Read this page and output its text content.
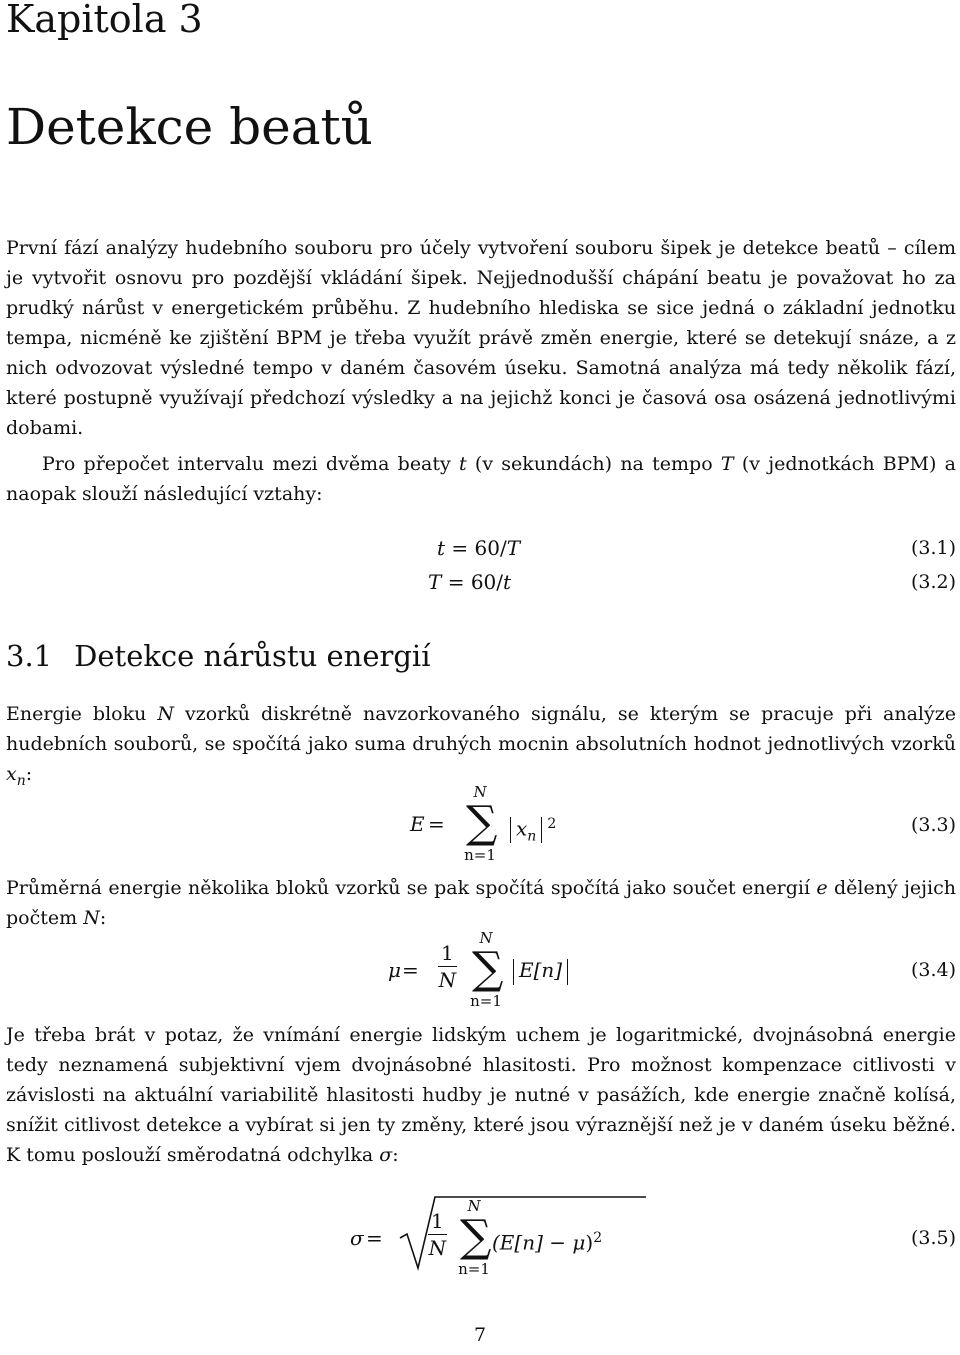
Kapitola 3
Detekce beatů

První fází analýzy hudebního souboru pro účely vytvoření souboru šipek je detekce beatů – cílem je vytvořit osnovu pro pozdější vkládání šipek. Nejjednodušší chápání beatu je považovat ho za prudký nárůst v energetickém průběhu. Z hudebního hlediska se sice jedná o základní jednotku tempa, nicméně ke zjištění BPM je třeba využít právě změn energie, které se detekují snáze, a z nich odvozovat výsledné tempo v daném časovém úseku. Samotná analýza má tedy několik fází, které postupně využívají předchozí výsledky a na jejichž konci je časová osa osázená jednotlivými dobami.

Pro přepočet intervalu mezi dvěma beaty t (v sekundách) na tempo T (v jednotkách BPM) a naopak slouží následující vztahy:

t = 60/T	(3.1)
T = 60/t	(3.2)
3.1 Detekce nárůstu energií

Energie bloku N vzorků diskrétně navzorkovaného signálu, se kterým se pracuje při analýze hudebních souborů, se spočítá jako suma druhých mocnin absolutních hodnot jednotlivých vzorků $x_n$:

E =
N
∑
n=1
$x_n^2$	(3.3)

Průměrná energie několika bloků vzorků se pak spočítá spočítá jako součet energií e dělený jejich počtem N:

$\mu = \frac{1}{N}$
N
∑
n=1
E[n]	(3.4)

Je třeba brát v potaz, že vnímání energie lidským uchem je logaritmické, dvojnásobná energie tedy neznamená subjektivní vjem dvojnásobné hlasitosti. Pro možnost kompenzace citlivosti v závislosti na aktuální variabilitě hlasitosti hudby je nutné v pasážích, kde energie značně kolísá, snížit citlivost detekce a vybírat si jen ty změny, které jsou výraznější než je v daném úseku běžné. K tomu poslouží směrodatná odchylka σ:

$\sigma = \frac{1}{N}$
N
∑
n=1
$(E[n] - \mu)^2$	(3.5)
7
